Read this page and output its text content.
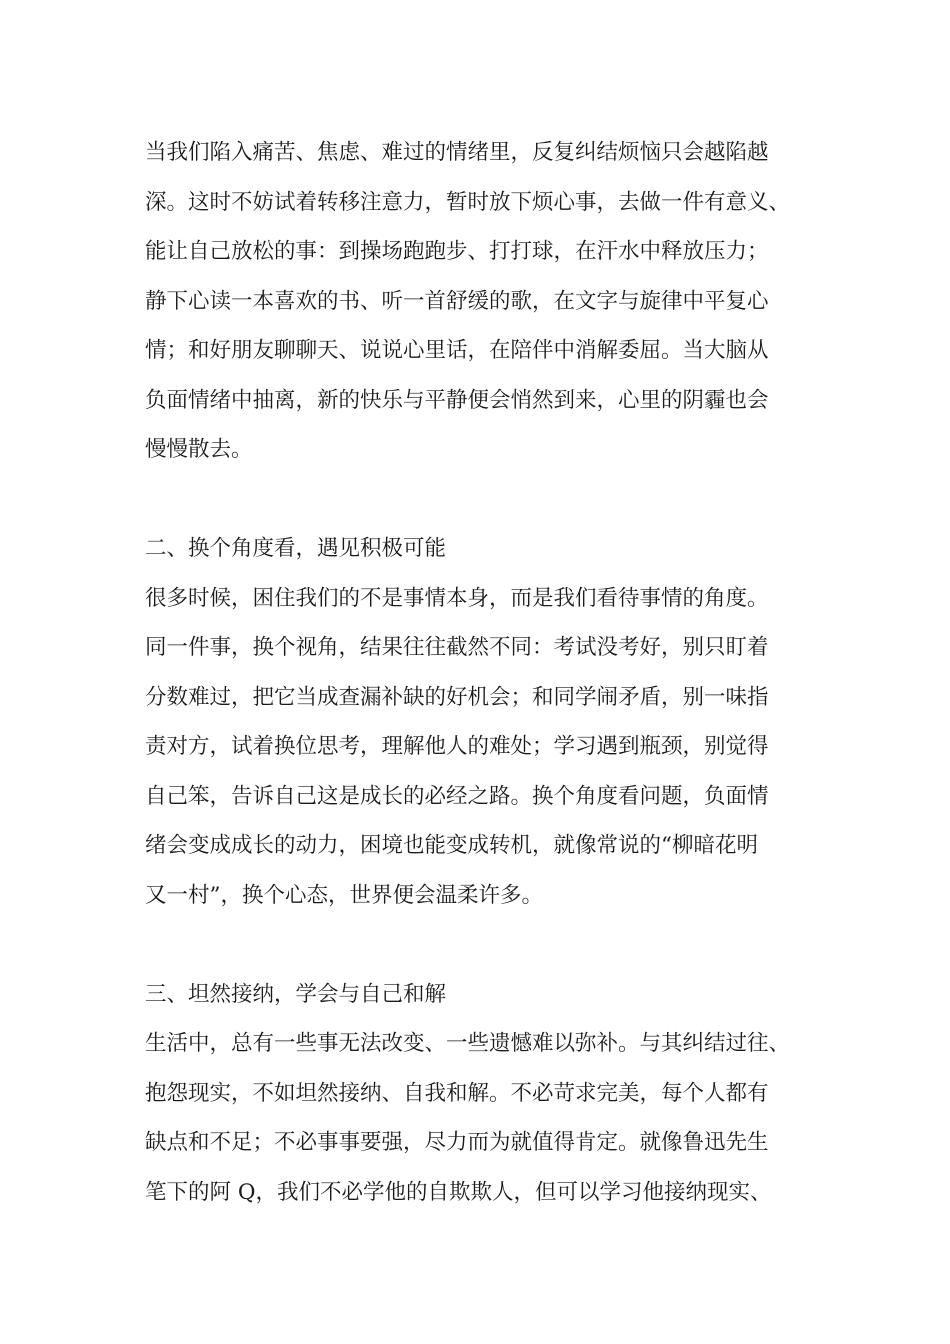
当我们陷入痛苦、焦虑、难过的情绪里，反复纠结烦恼只会越陷越
深。这时不妨试着转移注意力，暂时放下烦心事，去做一件有意义、
能让自己放松的事：到操场跑跑步、打打球，在汗水中释放压力；
静下心读一本喜欢的书、听一首舒缓的歌，在文字与旋律中平复心
情；和好朋友聊聊天、说说心里话，在陪伴中消解委屈。当大脑从
负面情绪中抽离，新的快乐与平静便会悄然到来，心里的阴霾也会
慢慢散去。
二、换个角度看，遇见积极可能
很多时候，困住我们的不是事情本身，而是我们看待事情的角度。
同一件事，换个视角，结果往往截然不同：考试没考好，别只盯着
分数难过，把它当成查漏补缺的好机会；和同学闹矛盾，别一味指
责对方，试着换位思考，理解他人的难处；学习遇到瓶颈，别觉得
自己笨，告诉自己这是成长的必经之路。换个角度看问题，负面情
绪会变成成长的动力，困境也能变成转机，就像常说的“柳暗花明
又一村”，换个心态，世界便会温柔许多。
三、坦然接纳，学会与自己和解
生活中，总有一些事无法改变、一些遗憾难以弥补。与其纠结过往、
抱怨现实，不如坦然接纳、自我和解。不必苛求完美，每个人都有
缺点和不足；不必事事要强，尽力而为就值得肯定。就像鲁迅先生
笔下的阿 Q，我们不必学他的自欺欺人，但可以学习他接纳现实、
